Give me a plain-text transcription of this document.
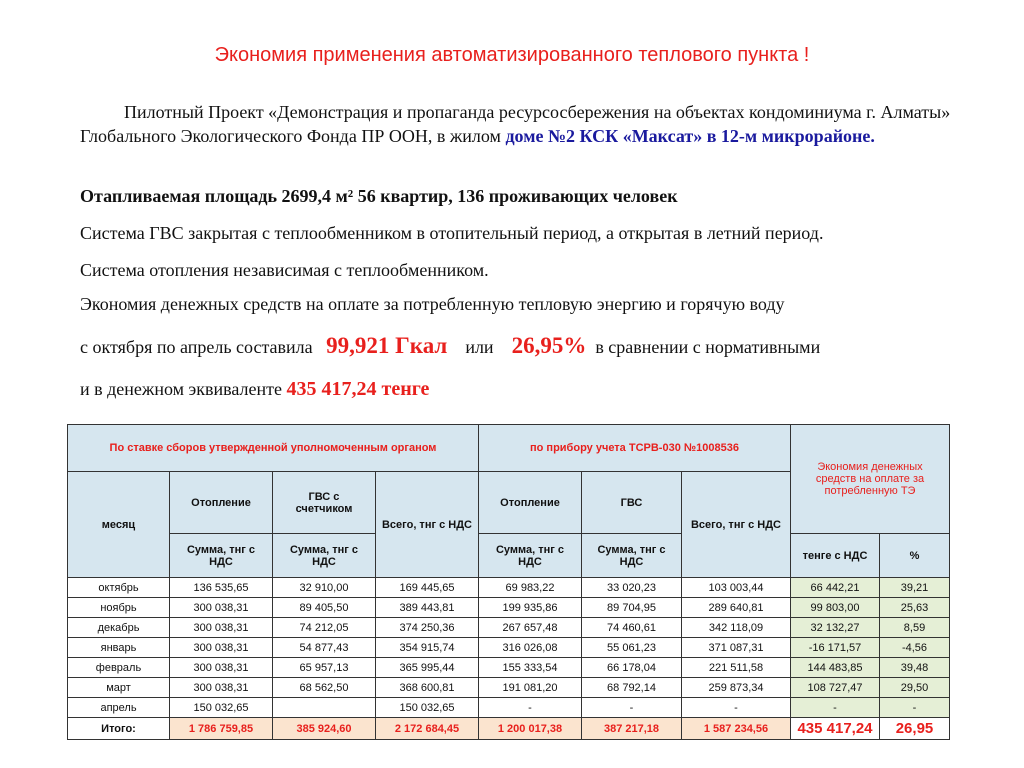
Экономия применения автоматизированного теплового пункта !
Пилотный Проект «Демонстрация и пропаганда ресурсосбережения на объектах кондоминиума г. Алматы» Глобального Экологического Фонда ПР ООН, в жилом доме №2 КСК «Максат» в 12-м микрорайоне.
Отапливаемая площадь 2699,4 м² 56 квартир, 136 проживающих человек
Система ГВС закрытая с теплообменником в отопительный период, а открытая в летний период.
Система отопления независимая с теплообменником.
Экономия денежных средств на оплате за потребленную тепловую энергию и горячую воду
с октября по апрель составила   99,921 Гкал или 26,95% в сравнении с нормативными
и в денежном эквиваленте 435 417,24 тенге
По ставке сборов утвержденной уполномоченным органом				по прибору учета ТСРВ-030 №1008536			Экономия денежных средств на оплате за потребленную ТЭ	
месяц	Отопление	ГВС с счетчиком	Всего, тнг с НДС	Отопление	ГВС	Всего, тнг с НДС		
	Сумма, тнг с НДС	Сумма, тнг с НДС		Сумма, тнг с НДС	Сумма, тнг с НДС		тенге с НДС	%
октябрь	136 535,65	32 910,00	169 445,65	69 983,22	33 020,23	103 003,44	66 442,21	39,21
ноябрь	300 038,31	89 405,50	389 443,81	199 935,86	89 704,95	289 640,81	99 803,00	25,63
декабрь	300 038,31	74 212,05	374 250,36	267 657,48	74 460,61	342 118,09	32 132,27	8,59
январь	300 038,31	54 877,43	354 915,74	316 026,08	55 061,23	371 087,31	-16 171,57	-4,56
февраль	300 038,31	65 957,13	365 995,44	155 333,54	66 178,04	221 511,58	144 483,85	39,48
март	300 038,31	68 562,50	368 600,81	191 081,20	68 792,14	259 873,34	108 727,47	29,50
апрель	150 032,65		150 032,65	-	-	-	-	-
Итого:	1 786 759,85	385 924,60	2 172 684,45	1 200 017,38	387 217,18	1 587 234,56	435 417,24	26,95
